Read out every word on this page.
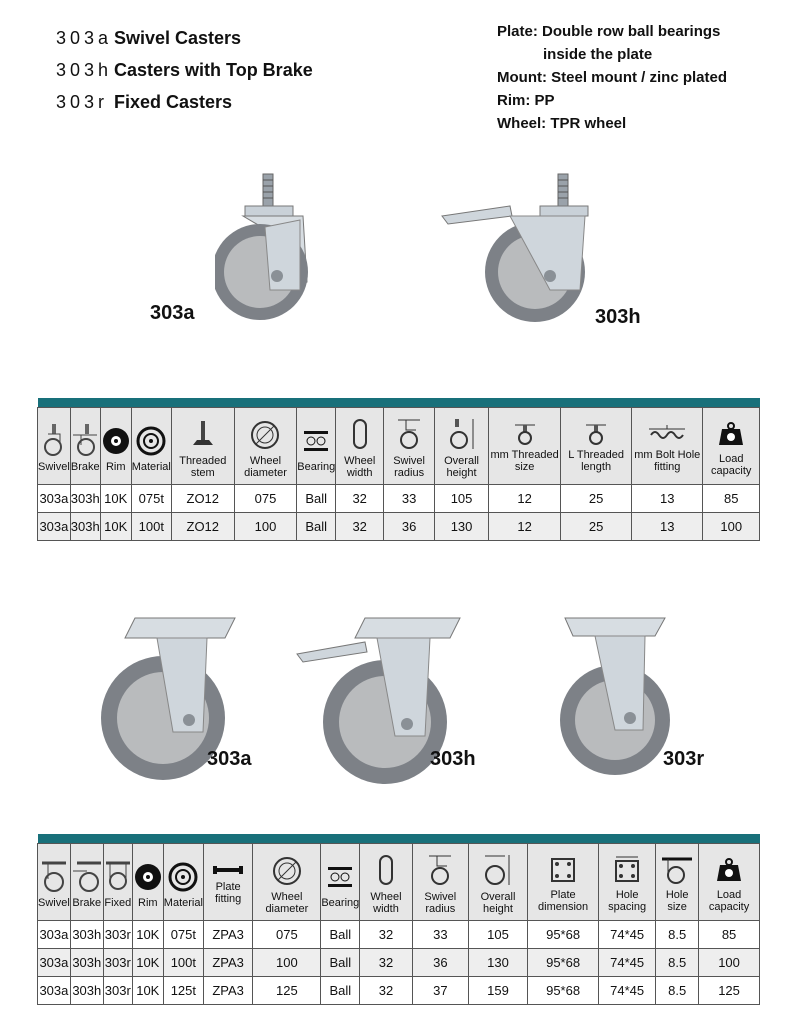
303a Swivel Casters
303h Casters with Top Brake
303r Fixed Casters
Plate: Double row ball bearings
inside the plate
Mount: Steel mount / zinc plated
Rim: PP
Wheel: TPR wheel
303a	303h

Swivel	Brake	Rim	Material	Threaded stem	Wheel diameter	Bearing	Wheel width	Swivel radius	Overall height	mm Threaded size	L Threaded length	mm Bolt Hole fitting	Load capacity
303a	303h	10K	075t	ZO12	075	Ball	32	33	105	12	25	13	85
303a	303h	10K	100t	ZO12	100	Ball	32	36	130	12	25	13	100
303a	303h	303r

Swivel	Brake	Fixed	Rim	Material	Plate fitting	Wheel diameter	Bearing	Wheel width	Swivel radius	Overall height	Plate dimension	Hole spacing	Hole size	Load capacity
303a	303h	303r	10K	075t	ZPA3	075	Ball	32	33	105	95*68	74*45	8.5	85
303a	303h	303r	10K	100t	ZPA3	100	Ball	32	36	130	95*68	74*45	8.5	100
303a	303h	303r	10K	125t	ZPA3	125	Ball	32	37	159	95*68	74*45	8.5	125
